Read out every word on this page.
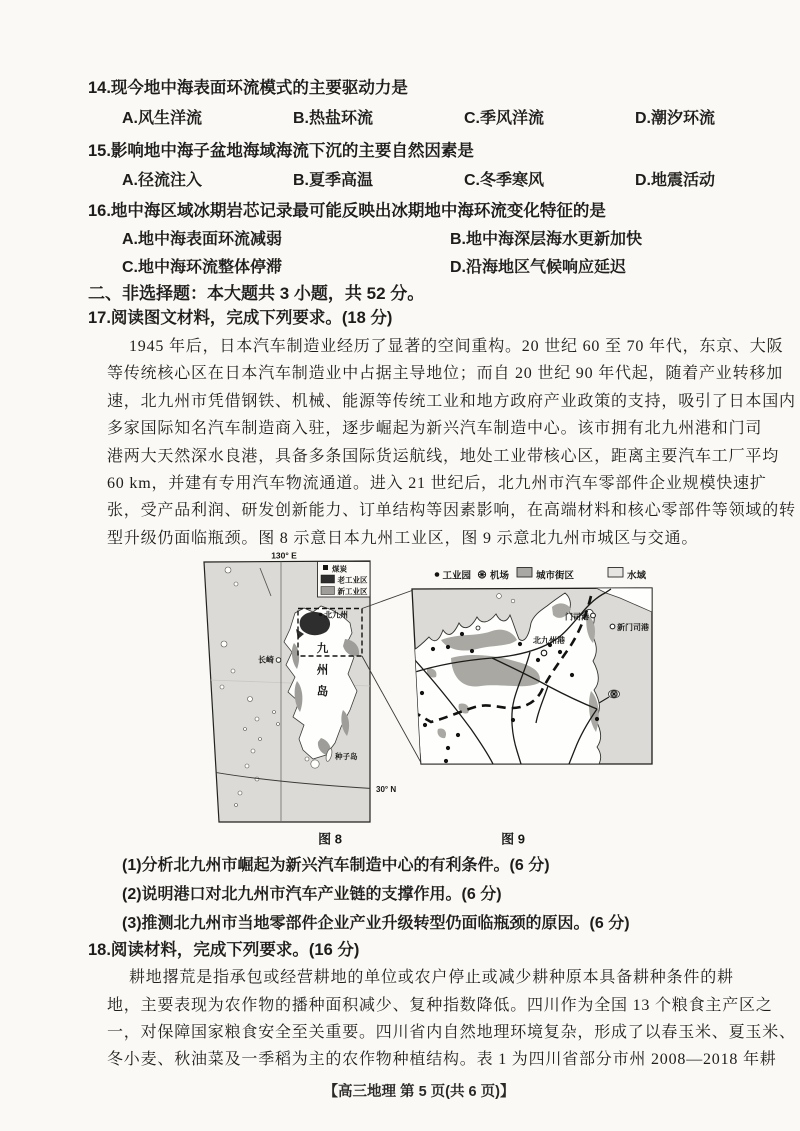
14.现今地中海表面环流模式的主要驱动力是
A.风生洋流	B.热盐环流	C.季风洋流	D.潮汐环流
15.影响地中海子盆地海域海流下沉的主要自然因素是
A.径流注入	B.夏季高温	C.冬季寒风	D.地震活动
16.地中海区域冰期岩芯记录最可能反映出冰期地中海环流变化特征的是
A.地中海表面环流减弱	B.地中海深层海水更新加快
C.地中海环流整体停滞	D.沿海地区气候响应延迟
二、非选择题：本大题共 3 小题，共 52 分。
17.阅读图文材料，完成下列要求。(18 分)
1945 年后，日本汽车制造业经历了显著的空间重构。20 世纪 60 至 70 年代，东京、大阪
等传统核心区在日本汽车制造业中占据主导地位；而自 20 世纪 90 年代起，随着产业转移加
速，北九州市凭借钢铁、机械、能源等传统工业和地方政府产业政策的支持，吸引了日本国内
多家国际知名汽车制造商入驻，逐步崛起为新兴汽车制造中心。该市拥有北九州港和门司
港两大天然深水良港，具备多条国际货运航线，地处工业带核心区，距离主要汽车工厂平均
60 km，并建有专用汽车物流通道。进入 21 世纪后，北九州市汽车零部件企业规模快速扩
张，受产品利润、研发创新能力、订单结构等因素影响，在高端材料和核心零部件等领域的转
型升级仍面临瓶颈。图 8 示意日本九州工业区，图 9 示意北九州市城区与交通。
煤炭
老工业区
新工业区
130° E
30° N
北九州
长崎
九
州
岛
种子岛
图 8
工业园 机场	城市街区	水域
门司港
新门司港
北九州港
图 9
(1)分析北九州市崛起为新兴汽车制造中心的有利条件。(6 分)
(2)说明港口对北九州市汽车产业链的支撑作用。(6 分)
(3)推测北九州市当地零部件企业产业升级转型仍面临瓶颈的原因。(6 分)
18.阅读材料，完成下列要求。(16 分)
耕地撂荒是指承包或经营耕地的单位或农户停止或减少耕种原本具备耕种条件的耕
地，主要表现为农作物的播种面积减少、复种指数降低。四川作为全国 13 个粮食主产区之
一，对保障国家粮食安全至关重要。四川省内自然地理环境复杂，形成了以春玉米、夏玉米、
冬小麦、秋油菜及一季稻为主的农作物种植结构。表 1 为四川省部分市州 2008—2018 年耕
【高三地理 第 5 页(共 6 页)】
